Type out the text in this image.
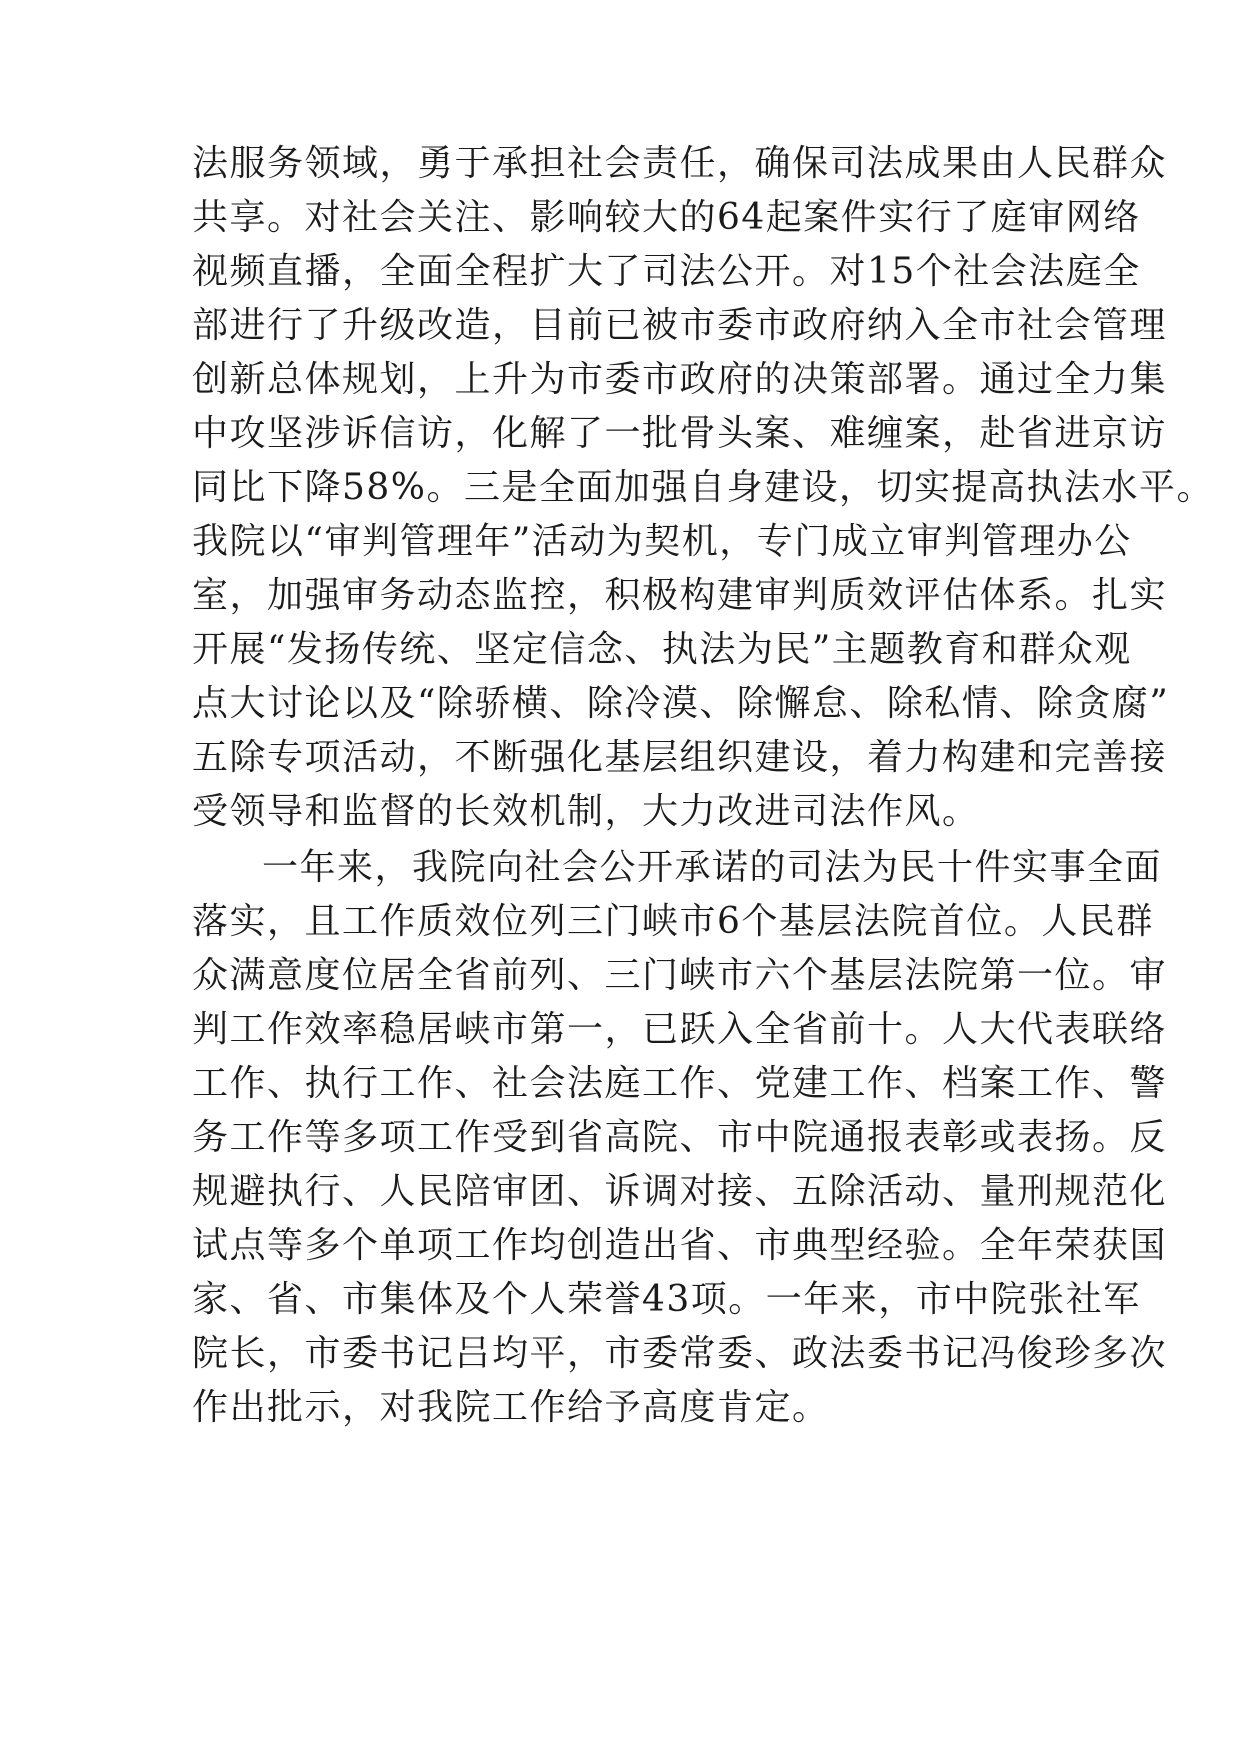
法服务领域，勇于承担社会责任，确保司法成果由人民群众
共享。对社会关注、影响较大的64起案件实行了庭审网络
视频直播，全面全程扩大了司法公开。对15个社会法庭全
部进行了升级改造，目前已被市委市政府纳入全市社会管理
创新总体规划，上升为市委市政府的决策部署。通过全力集
中攻坚涉诉信访，化解了一批骨头案、难缠案，赴省进京访
同比下降58%。三是全面加强自身建设，切实提高执法水平。
我院以“审判管理年”活动为契机，专门成立审判管理办公
室，加强审务动态监控，积极构建审判质效评估体系。扎实
开展“发扬传统、坚定信念、执法为民”主题教育和群众观
点大讨论以及“除骄横、除冷漠、除懈怠、除私情、除贪腐”
五除专项活动，不断强化基层组织建设，着力构建和完善接
受领导和监督的长效机制，大力改进司法作风。
一年来，我院向社会公开承诺的司法为民十件实事全面
落实，且工作质效位列三门峡市6个基层法院首位。人民群
众满意度位居全省前列、三门峡市六个基层法院第一位。审
判工作效率稳居峡市第一，已跃入全省前十。人大代表联络
工作、执行工作、社会法庭工作、党建工作、档案工作、警
务工作等多项工作受到省高院、市中院通报表彰或表扬。反
规避执行、人民陪审团、诉调对接、五除活动、量刑规范化
试点等多个单项工作均创造出省、市典型经验。全年荣获国
家、省、市集体及个人荣誉43项。一年来，市中院张社军
院长，市委书记吕均平，市委常委、政法委书记冯俊珍多次
作出批示，对我院工作给予高度肯定。
